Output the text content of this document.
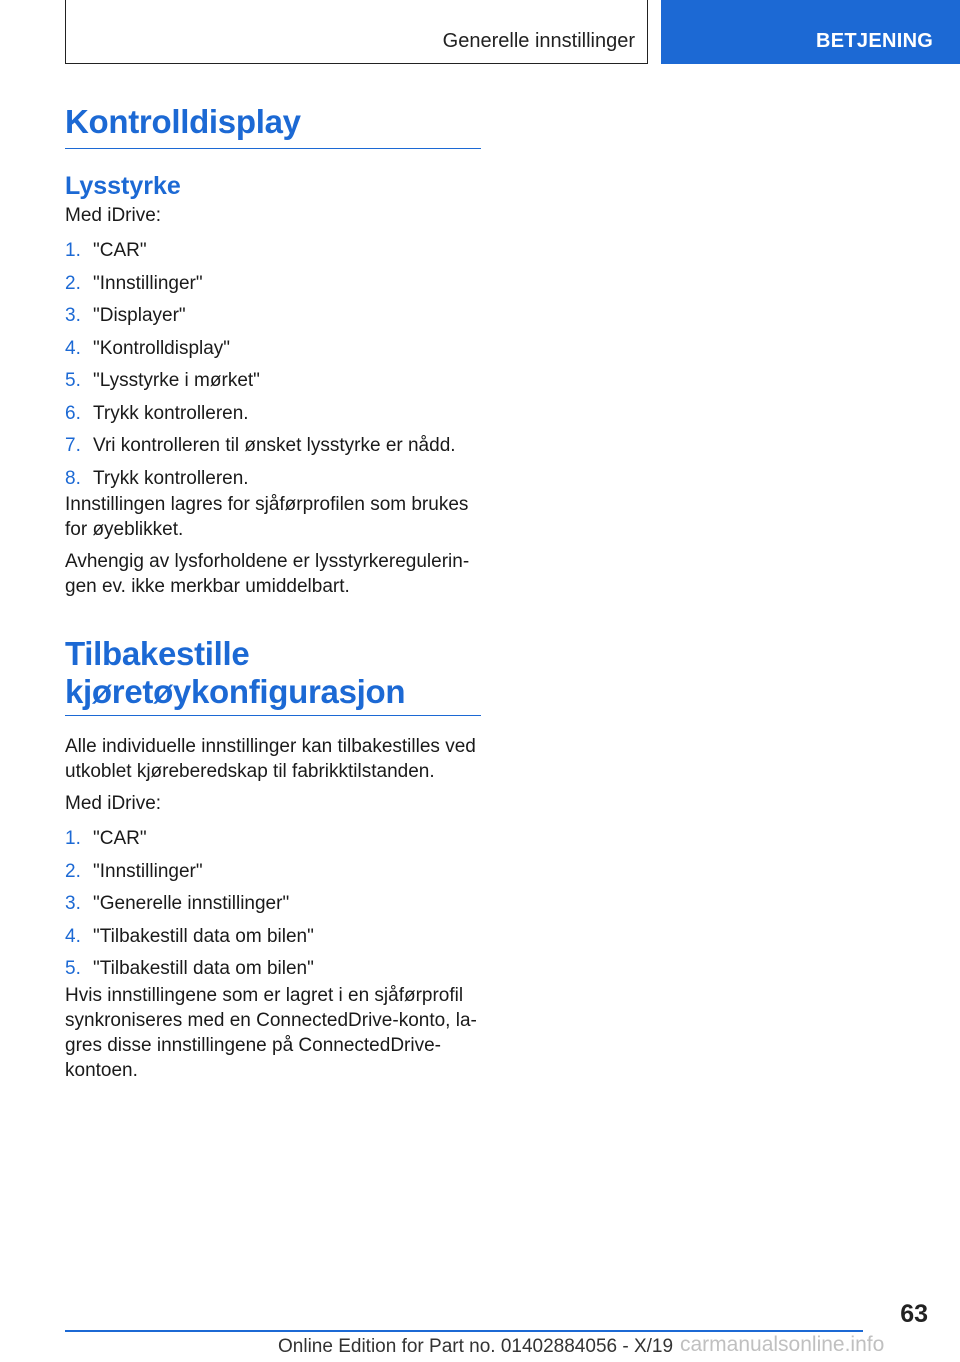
Generelle innstillinger	BETJENING
Kontrolldisplay
Lysstyrke

Med iDrive:

1. "CAR"
2. "Innstillinger"
3. "Displayer"
4. "Kontrolldisplay"
5. "Lysstyrke i mørket"
6. Trykk kontrolleren.
7. Vri kontrolleren til ønsket lysstyrke er nådd.
8. Trykk kontrolleren.

Innstillingen lagres for sjåførprofilen som brukes for øyeblikket.

Avhengig av lysforholdene er lysstyrkereguleringen ev. ikke merkbar umiddelbart.

Tilbakestille
kjøretøykonfigurasjon

Alle individuelle innstillinger kan tilbakestilles ved utkoblet kjøreberedskap til fabrikktilstanden.

Med iDrive:

1. "CAR"
2. "Innstillinger"
3. "Generelle innstillinger"
4. "Tilbakestill data om bilen"
5. "Tilbakestill data om bilen"

Hvis innstillingene som er lagret i en sjåførprofil synkroniseres med en ConnectedDrive-konto, lagres disse innstillingene på ConnectedDrive-kontoen.

63
Online Edition for Part no. 01402884056 - X/19 carmanualsonline.info
